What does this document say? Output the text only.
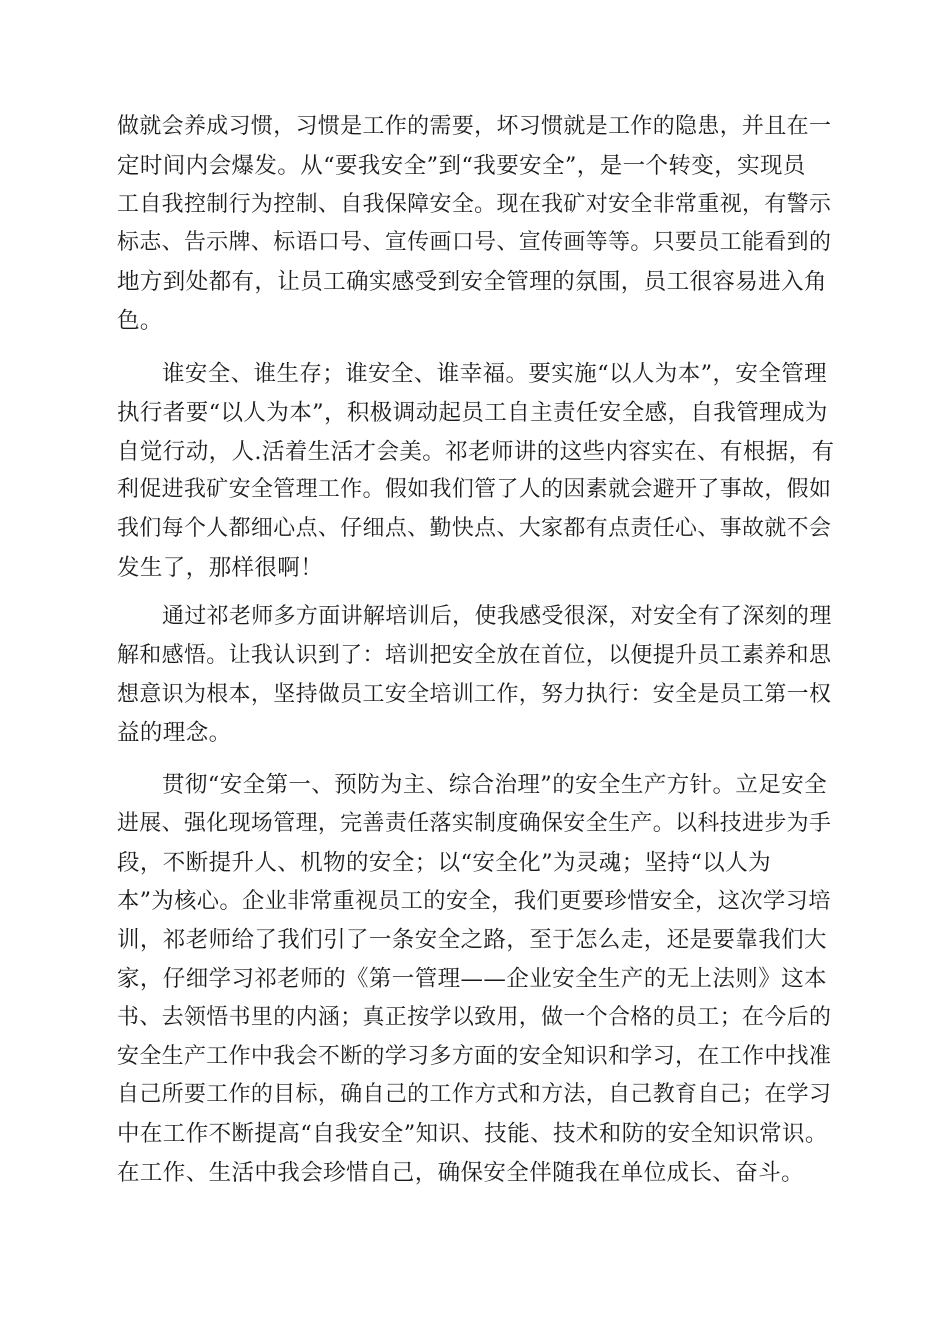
做就会养成习惯，习惯是工作的需要，坏习惯就是工作的隐患，并且在一
定时间内会爆发。从“要我安全”到“我要安全”，是一个转变，实现员
工自我控制行为控制、自我保障安全。现在我矿对安全非常重视，有警示
标志、告示牌、标语口号、宣传画口号、宣传画等等。只要员工能看到的
地方到处都有，让员工确实感受到安全管理的氛围，员工很容易进入角
色。
谁安全、谁生存；谁安全、谁幸福。要实施“以人为本”，安全管理
执行者要“以人为本”，积极调动起员工自主责任安全感，自我管理成为
自觉行动，人.活着生活才会美。祁老师讲的这些内容实在、有根据，有
利促进我矿安全管理工作。假如我们管了人的因素就会避开了事故，假如
我们每个人都细心点、仔细点、勤快点、大家都有点责任心、事故就不会
发生了，那样很啊！
通过祁老师多方面讲解培训后，使我感受很深，对安全有了深刻的理
解和感悟。让我认识到了：培训把安全放在首位，以便提升员工素养和思
想意识为根本，坚持做员工安全培训工作，努力执行：安全是员工第一权
益的理念。
贯彻“安全第一、预防为主、综合治理”的安全生产方针。立足安全
进展、强化现场管理，完善责任落实制度确保安全生产。以科技进步为手
段，不断提升人、机物的安全；以“安全化”为灵魂；坚持“以人为
本”为核心。企业非常重视员工的安全，我们更要珍惜安全，这次学习培
训，祁老师给了我们引了一条安全之路，至于怎么走，还是要靠我们大
家，仔细学习祁老师的《第一管理——企业安全生产的无上法则》这本
书、去领悟书里的内涵；真正按学以致用，做一个合格的员工；在今后的
安全生产工作中我会不断的学习多方面的安全知识和学习，在工作中找准
自己所要工作的目标，确自己的工作方式和方法，自己教育自己；在学习
中在工作不断提高“自我安全”知识、技能、技术和防的安全知识常识。
在工作、生活中我会珍惜自己，确保安全伴随我在单位成长、奋斗。
